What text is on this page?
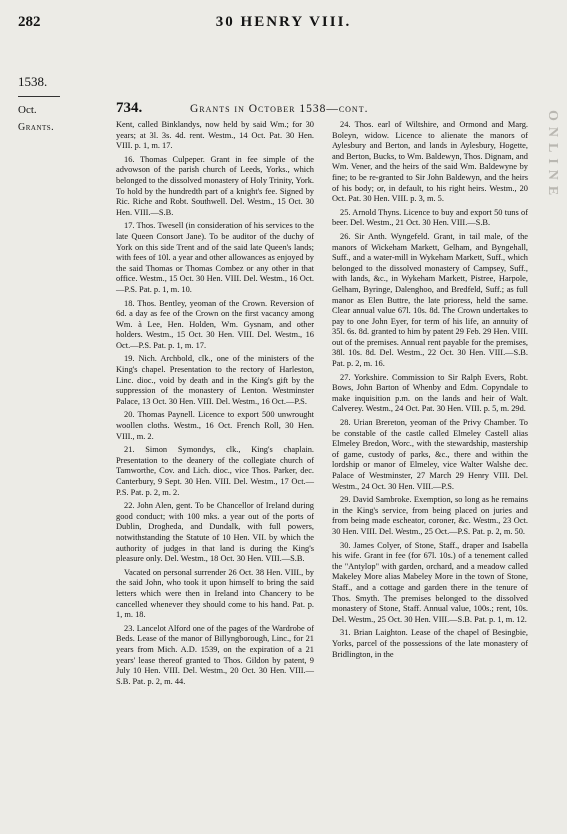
282	30 HENRY VIII.
1538.
Oct.
Grants.
734.	Grants in October 1538—cont.

Kent, called Binklandys, now held by said Wm.; for 30 years; at 3l. 3s. 4d. rent. Westm., 14 Oct. Pat. 30 Hen. VIII. p. 1, m. 17.

16. Thomas Culpeper. Grant in fee simple of the advowson of the parish church of Leeds, Yorks., which belonged to the dissolved monastery of Holy Trinity, York. To hold by the hundredth part of a knight's fee. Signed by Ric. Riche and Robt. Southwell. Del. Westm., 15 Oct. 30 Hen. VIII.—S.B.

17. Thos. Twesell (in consideration of his services to the late Queen Consort Jane). To be auditor of the duchy of York on this side Trent and of the said late Queen's lands; with fees of 10l. a year and other allowances as enjoyed by the said Thomas or Thomas Combez or any other in that office. Westm., 15 Oct. 30 Hen. VIII. Del. Westm., 16 Oct.—P.S. Pat. p. 1, m. 10.

18. Thos. Bentley, yeoman of the Crown. Reversion of 6d. a day as fee of the Crown on the first vacancy among Wm. à Lee, Hen. Holden, Wm. Gysnam, and other holders. Westm., 15 Oct. 30 Hen. VIII. Del. Westm., 16 Oct.—P.S. Pat. p. 1, m. 17.

19. Nich. Archbold, clk., one of the ministers of the King's chapel. Presentation to the rectory of Harleston, Linc. dioc., void by death and in the King's gift by the suppression of the monastery of Lenton. Westminster Palace, 13 Oct. 30 Hen. VIII. Del. Westm., 16 Oct.—P.S.

20. Thomas Paynell. Licence to export 500 unwrought woollen cloths. Westm., 16 Oct. French Roll, 30 Hen. VIII., m. 2.

21. Simon Symondys, clk., King's chaplain. Presentation to the deanery of the collegiate church of Tamworthe, Cov. and Lich. dioc., vice Thos. Parker, dec. Canterbury, 9 Sept. 30 Hen. VIII. Del. Westm., 17 Oct.—P.S. Pat. p. 2, m. 2.

22. John Alen, gent. To be Chancellor of Ireland during good conduct; with 100 mks. a year out of the ports of Dublin, Drogheda, and Dundalk, with full powers, notwithstanding the Statute of 10 Hen. VII. by which the authority of judges in that land is during the King's pleasure only. Del. Westm., 18 Oct. 30 Hen. VIII.—S.B.

Vacated on personal surrender 26 Oct. 38 Hen. VIII., by the said John, who took it upon himself to bring the said letters which were then in Ireland into Chancery to be cancelled whenever they should come to his hand. Pat. p. 1, m. 18.

23. Lancelot Alford one of the pages of the Wardrobe of Beds. Lease of the manor of Billyngborough, Linc., for 21 years from Mich. A.D. 1539, on the expiration of a 21 years' lease thereof granted to Thos. Gildon by patent, 9 July 10 Hen. VIII. Del. Westm., 20 Oct. 30 Hen. VIII.—S.B. Pat. p. 2, m. 44.

24. Thos. earl of Wiltshire, and Ormond and Marg. Boleyn, widow. Licence to alienate the manors of Aylesbury and Berton, and lands in Aylesbury, Hogette, and Berton, Bucks, to Wm. Baldewyn, Thos. Dignam, and Wm. Vener, and the heirs of the said Wm. Baldewyne by fine; to be re-granted to Sir John Baldewyn, and the heirs of his body; or, in default, to his right heirs. Westm., 20 Oct. Pat. 30 Hen. VIII. p. 3, m. 5.

25. Arnold Thyns. Licence to buy and export 50 tuns of beer. Del. Westm., 21 Oct. 30 Hen. VIII.—S.B.

26. Sir Anth. Wyngefeld. Grant, in tail male, of the manors of Wickeham Markett, Gelham, and Byngehall, Suff., and a water-mill in Wykeham Markett, Suff., which belonged to the dissolved monastery of Campsey, Suff., with lands, &c., in Wykeham Markett, Pistree, Harpole, Gelham, Byringe, Dalenghoo, and Bredfeld, Suff.; as full manor as Elen Buttre, the late prioress, held the same. Clear annual value 67l. 10s. 8d. The Crown undertakes to pay to one John Eyer, for term of his life, an annuity of 35l. 6s. 8d. granted to him by patent 29 Feb. 29 Hen. VIII. out of the premises. Annual rent payable for the premises, 38l. 10s. 8d. Del. Westm., 22 Oct. 30 Hen. VIII.—S.B. Pat. p. 2, m. 16.

27. Yorkshire. Commission to Sir Ralph Evers, Robt. Bows, John Barton of Whenby and Edm. Copyndale to make inquisition p.m. on the lands and heir of Walt. Calverey. Westm., 24 Oct. Pat. 30 Hen. VIII. p. 5, m. 29d.

28. Urian Brereton, yeoman of the Privy Chamber. To be constable of the castle called Elmeley Castell alias Elmeley Bredon, Worc., with the stewardship, mastership of game, custody of parks, &c., there and within the lordship or manor of Elmeley, vice Walter Walshe dec. Palace of Westminster, 27 March 29 Henry VIII. Del. Westm., 24 Oct. 30 Hen. VIII.—P.S.

29. David Sambroke. Exemption, so long as he remains in the King's service, from being placed on juries and from being made escheator, coroner, &c. Westm., 23 Oct. 30 Hen. VIII. Del. Westm., 25 Oct.—P.S. Pat. p. 2, m. 50.

30. James Colyer, of Stone, Staff., draper and Isabella his wife. Grant in fee (for 67l. 10s.) of a tenement called the "Antylop" with garden, orchard, and a meadow called Makeley More alias Mabeley More in the town of Stone, Staff., and a cottage and garden there in the tenure of Thos. Smyth. The premises belonged to the dissolved monastery of Stone, Staff. Annual value, 100s.; rent, 10s. Del. Westm., 25 Oct. 30 Hen. VIII.—S.B. Pat. p. 1, m. 12.

31. Brian Laighton. Lease of the chapel of Besingbie, Yorks, parcel of the possessions of the late monastery of Bridlington, in the

ONLINE
